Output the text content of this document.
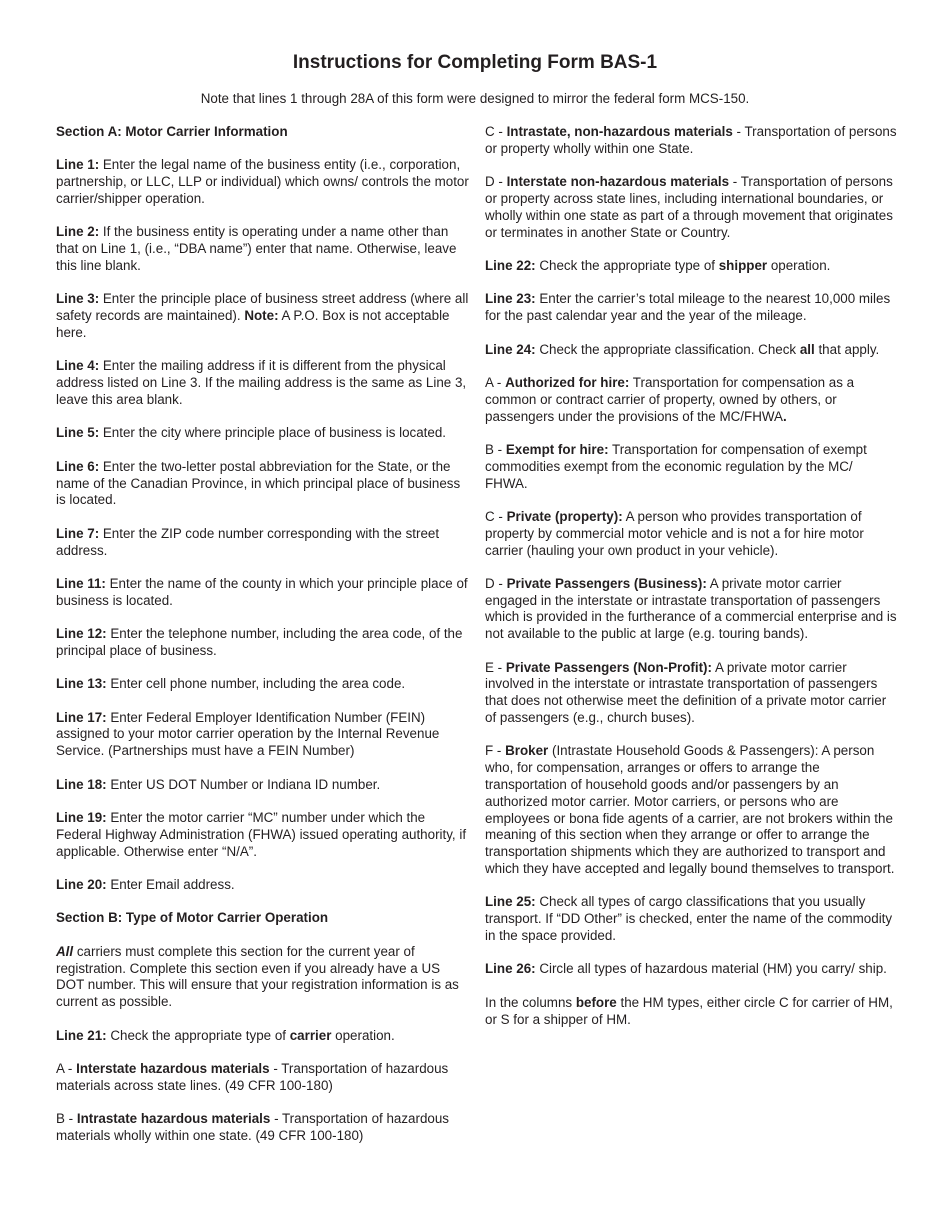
Instructions for Completing Form BAS-1
Note that lines 1 through 28A of this form were designed to mirror the federal form MCS-150.

Section A: Motor Carrier Information

Line 1: Enter the legal name of the business entity (i.e., corporation, partnership, or LLC, LLP or individual) which owns/ controls the motor carrier/shipper operation.

Line 2: If the business entity is operating under a name other than that on Line 1, (i.e., “DBA name”) enter that name. Otherwise, leave this line blank.

Line 3: Enter the principle place of business street address (where all safety records are maintained). Note: A P.O. Box is not acceptable here.

Line 4: Enter the mailing address if it is different from the physical address listed on Line 3. If the mailing address is the same as Line 3, leave this area blank.

Line 5: Enter the city where principle place of business is located.

Line 6: Enter the two-letter postal abbreviation for the State, or the name of the Canadian Province, in which principal place of business is located.

Line 7: Enter the ZIP code number corresponding with the street address.

Line 11: Enter the name of the county in which your principle place of business is located.

Line 12: Enter the telephone number, including the area code, of the principal place of business.

Line 13: Enter cell phone number, including the area code.

Line 17: Enter Federal Employer Identification Number (FEIN) assigned to your motor carrier operation by the Internal Revenue Service. (Partnerships must have a FEIN Number)

Line 18: Enter US DOT Number or Indiana ID number.

Line 19: Enter the motor carrier “MC” number under which the Federal Highway Administration (FHWA) issued operating authority, if applicable. Otherwise enter “N/A”.

Line 20: Enter Email address.

Section B: Type of Motor Carrier Operation

All carriers must complete this section for the current year of registration. Complete this section even if you already have a US DOT number. This will ensure that your registration information is as current as possible.

Line 21: Check the appropriate type of carrier operation.

A - Interstate hazardous materials - Transportation of hazardous materials across state lines. (49 CFR 100-180)

B - Intrastate hazardous materials - Transportation of hazardous materials wholly within one state. (49 CFR 100-180)

C - Intrastate, non-hazardous materials - Transportation of persons or property wholly within one State.

D - Interstate non-hazardous materials - Transportation of persons or property across state lines, including international boundaries, or wholly within one state as part of a through movement that originates or terminates in another State or Country.

Line 22: Check the appropriate type of shipper operation.

Line 23: Enter the carrier’s total mileage to the nearest 10,000 miles for the past calendar year and the year of the mileage.

Line 24: Check the appropriate classification. Check all that apply.

A - Authorized for hire: Transportation for compensation as a common or contract carrier of property, owned by others, or passengers under the provisions of the MC/FHWA.

B - Exempt for hire: Transportation for compensation of exempt commodities exempt from the economic regulation by the MC/ FHWA.

C - Private (property): A person who provides transportation of property by commercial motor vehicle and is not a for hire motor carrier (hauling your own product in your vehicle).

D - Private Passengers (Business): A private motor carrier engaged in the interstate or intrastate transportation of passengers which is provided in the furtherance of a commercial enterprise and is not available to the public at large (e.g. touring bands).

E - Private Passengers (Non-Profit): A private motor carrier involved in the interstate or intrastate transportation of passengers that does not otherwise meet the definition of a private motor carrier of passengers (e.g., church buses).

F - Broker (Intrastate Household Goods & Passengers): A person who, for compensation, arranges or offers to arrange the transportation of household goods and/or passengers by an authorized motor carrier. Motor carriers, or persons who are employees or bona fide agents of a carrier, are not brokers within the meaning of this section when they arrange or offer to arrange the transportation shipments which they are authorized to transport and which they have accepted and legally bound themselves to transport.

Line 25: Check all types of cargo classifications that you usually transport. If “DD Other” is checked, enter the name of the commodity in the space provided.

Line 26: Circle all types of hazardous material (HM) you carry/ ship.

In the columns before the HM types, either circle C for carrier of HM, or S for a shipper of HM.
